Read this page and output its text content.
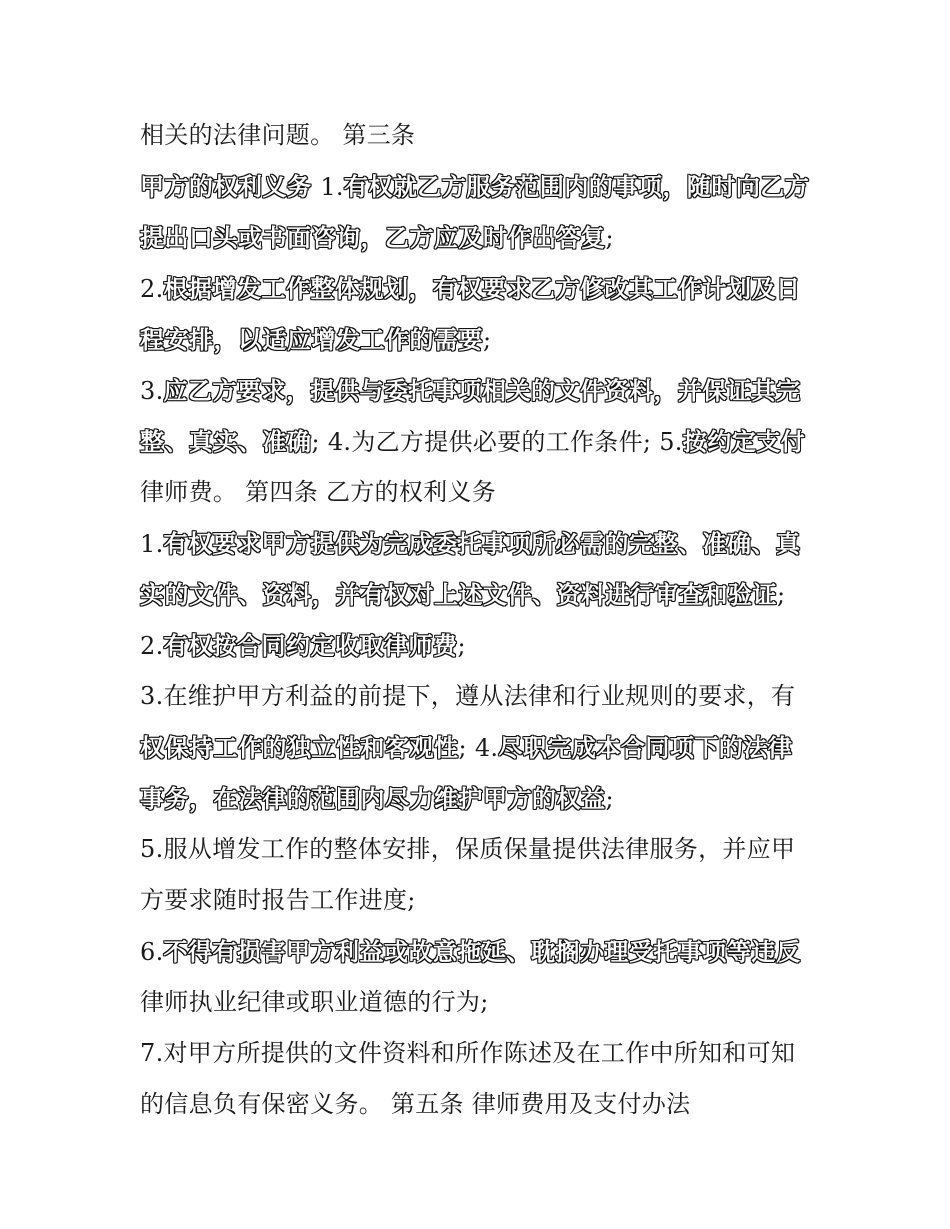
相关的法律问题。 第三条
甲方的权利义务 1.有权就乙方服务范围内的事项，随时向乙方
提出口头或书面咨询，乙方应及时作出答复;
2.根据增发工作整体规划，有权要求乙方修改其工作计划及日
程安排，以适应增发工作的需要;
3.应乙方要求，提供与委托事项相关的文件资料，并保证其完
整、真实、准确; 4.为乙方提供必要的工作条件; 5.按约定支付
律师费。 第四条 乙方的权利义务
1.有权要求甲方提供为完成委托事项所必需的完整、准确、真
实的文件、资料，并有权对上述文件、资料进行审查和验证;
2.有权按合同约定收取律师费;
3.在维护甲方利益的前提下，遵从法律和行业规则的要求，有
权保持工作的独立性和客观性; 4.尽职完成本合同项下的法律
事务，在法律的范围内尽力维护甲方的权益;
5.服从增发工作的整体安排，保质保量提供法律服务，并应甲
方要求随时报告工作进度;
6.不得有损害甲方利益或故意拖延、耽搁办理受托事项等违反
律师执业纪律或职业道德的行为;
7.对甲方所提供的文件资料和所作陈述及在工作中所知和可知
的信息负有保密义务。 第五条 律师费用及支付办法
